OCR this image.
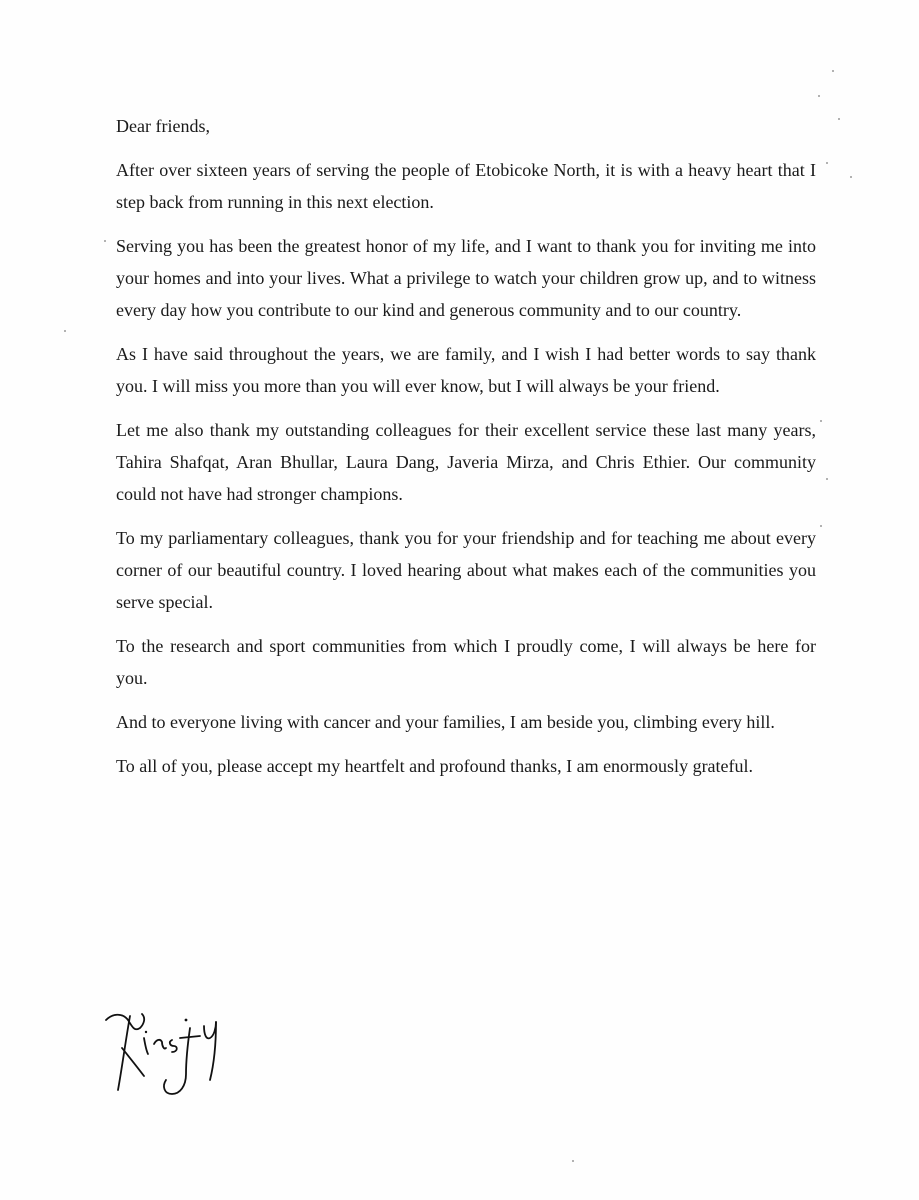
Dear friends,

After over sixteen years of serving the people of Etobicoke North, it is with a heavy heart that I step back from running in this next election.

Serving you has been the greatest honor of my life, and I want to thank you for inviting me into your homes and into your lives. What a privilege to watch your children grow up, and to witness every day how you contribute to our kind and generous community and to our country.

As I have said throughout the years, we are family, and I wish I had better words to say thank you. I will miss you more than you will ever know, but I will always be your friend.

Let me also thank my outstanding colleagues for their excellent service these last many years, Tahira Shafqat, Aran Bhullar, Laura Dang, Javeria Mirza, and Chris Ethier. Our community could not have had stronger champions.

To my parliamentary colleagues, thank you for your friendship and for teaching me about every corner of our beautiful country. I loved hearing about what makes each of the communities you serve special.

To the research and sport communities from which I proudly come, I will always be here for you.

And to everyone living with cancer and your families, I am beside you, climbing every hill.

To all of you, please accept my heartfelt and profound thanks, I am enormously grateful.
